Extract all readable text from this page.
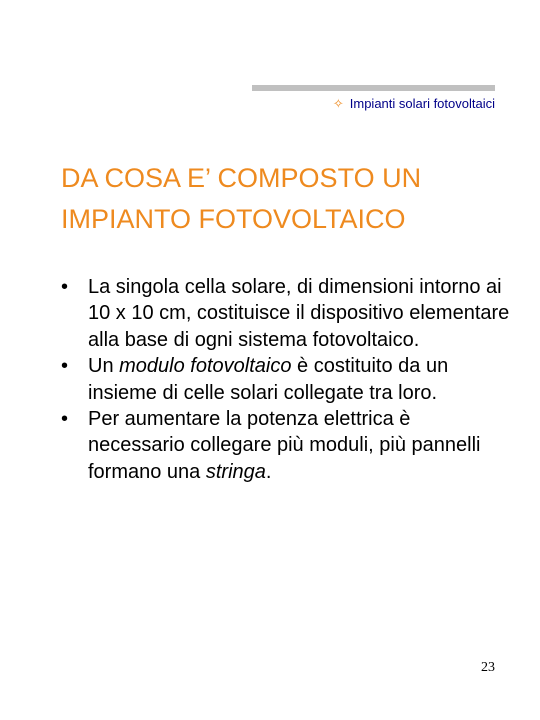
✧ Impianti solari fotovoltaici
DA COSA E’ COMPOSTO UN
IMPIANTO FOTOVOLTAICO
• La singola cella solare, di dimensioni intorno ai 10 x 10 cm, costituisce il dispositivo elementare alla base di ogni sistema fotovoltaico.
• Un modulo fotovoltaico è costituito da un insieme di celle solari collegate tra loro.
• Per aumentare la potenza elettrica è necessario collegare più moduli, più pannelli formano una stringa.
23
